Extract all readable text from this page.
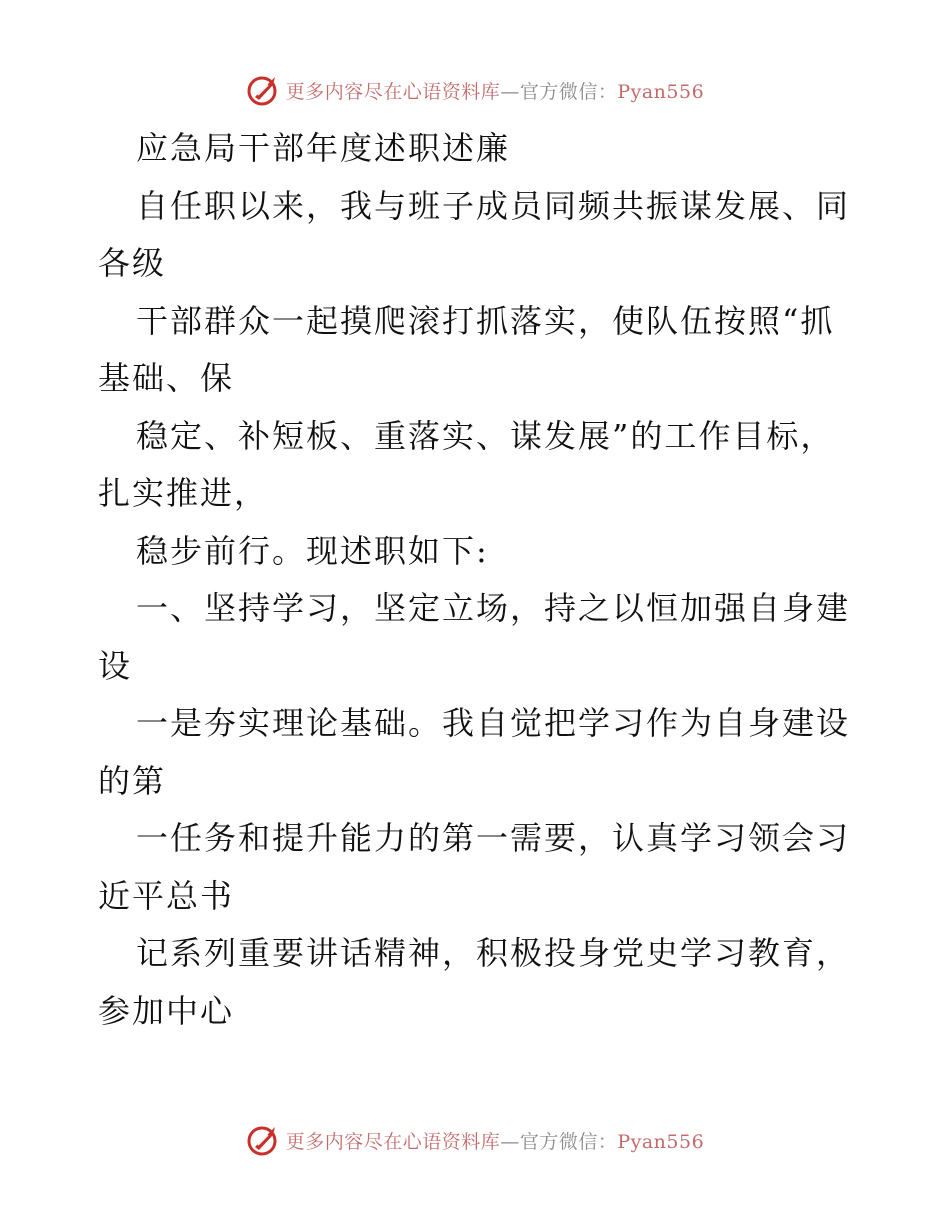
更多内容尽在心语资料库—官方微信：Pyan556
应急局干部年度述职述廉
自任职以来，我与班子成员同频共振谋发展、同
各级
干部群众一起摸爬滚打抓落实，使队伍按照“抓
基础、保
稳定、补短板、重落实、谋发展”的工作目标，
扎实推进，
稳步前行。现述职如下:
一、坚持学习，坚定立场，持之以恒加强自身建
设
一是夯实理论基础。我自觉把学习作为自身建设
的第
一任务和提升能力的第一需要，认真学习领会习
近平总书
记系列重要讲话精神，积极投身党史学习教育，
参加中心
更多内容尽在心语资料库—官方微信：Pyan556
